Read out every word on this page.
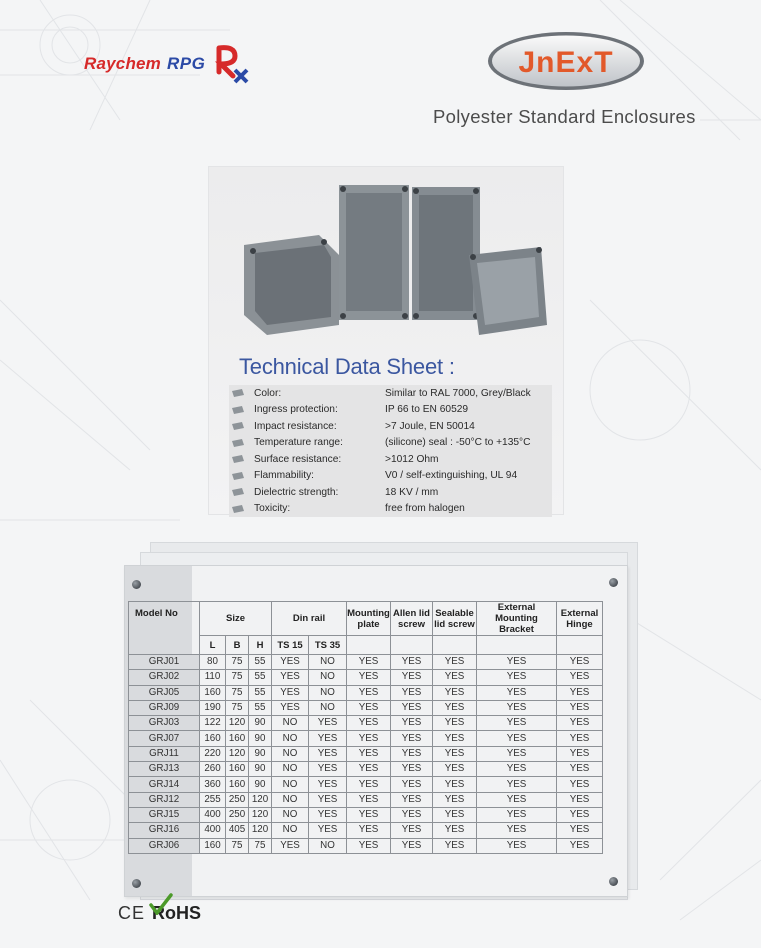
Raychem RPG	JnExT
Polyester Standard Enclosures
Technical Data Sheet :
Color:	Similar to RAL 7000, Grey/Black
Ingress protection:	IP 66 to EN 60529
Impact resistance:	>7 Joule, EN 50014
Temperature range:	(silicone) seal : -50°C to +135°C
Surface resistance:	>1012 Ohm
Flammability:	V0 / self-extinguishing, UL 94
Dielectric strength:	18 KV / mm
Toxicity:	free from halogen
Model No	Size			Din rail		Mounting plate	Allen lid screw	Sealable lid screw	External Mounting Bracket	External Hinge
	L	B	H	TS 15	TS 35					
GRJ01	80	75	55	YES	NO	YES	YES	YES	YES	YES
GRJ02	110	75	55	YES	NO	YES	YES	YES	YES	YES
GRJ05	160	75	55	YES	NO	YES	YES	YES	YES	YES
GRJ09	190	75	55	YES	NO	YES	YES	YES	YES	YES
GRJ03	122	120	90	NO	YES	YES	YES	YES	YES	YES
GRJ07	160	160	90	NO	YES	YES	YES	YES	YES	YES
GRJ11	220	120	90	NO	YES	YES	YES	YES	YES	YES
GRJ13	260	160	90	NO	YES	YES	YES	YES	YES	YES
GRJ14	360	160	90	NO	YES	YES	YES	YES	YES	YES
GRJ12	255	250	120	NO	YES	YES	YES	YES	YES	YES
GRJ15	400	250	120	NO	YES	YES	YES	YES	YES	YES
GRJ16	400	405	120	NO	YES	YES	YES	YES	YES	YES
GRJ06	160	75	75	YES	NO	YES	YES	YES	YES	YES
CE RoHS
